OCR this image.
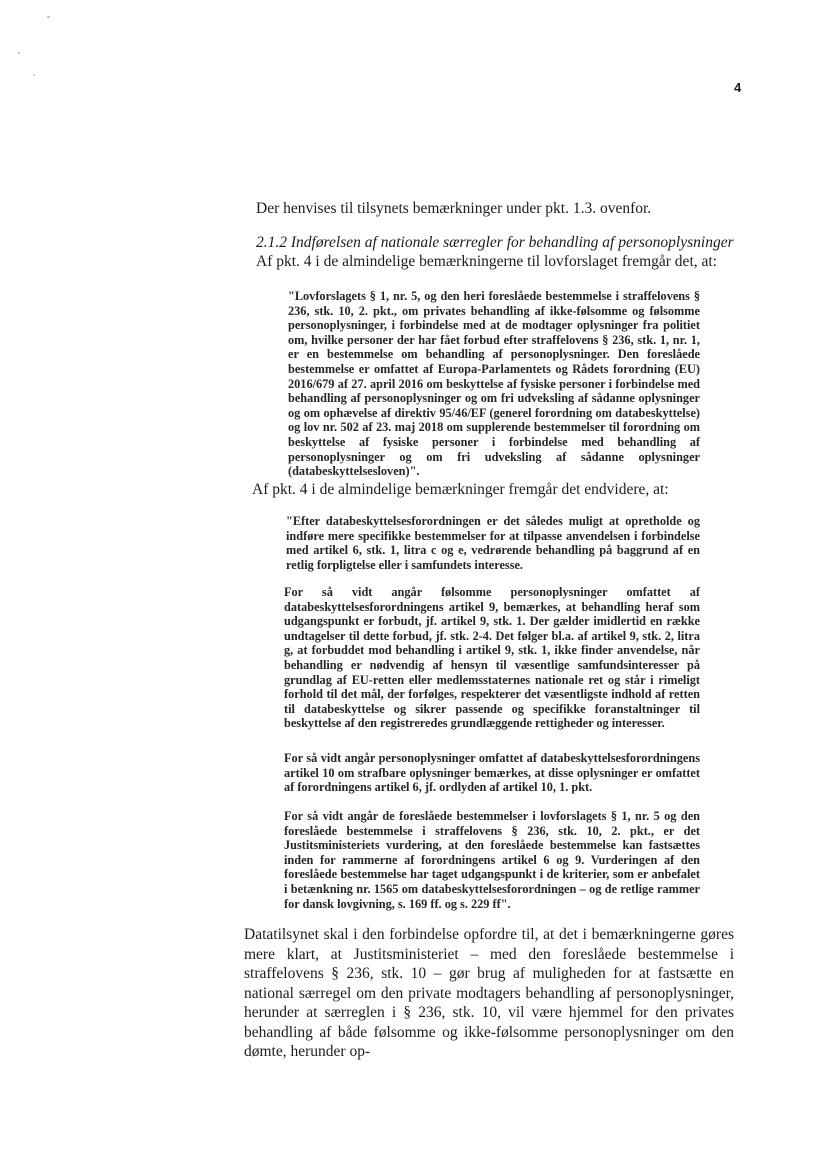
4

Der henvises til tilsynets bemærkninger under pkt. 1.3. ovenfor.

2.1.2 Indførelsen af nationale særregler for behandling af personoplysninger

Af pkt. 4 i de almindelige bemærkningerne til lovforslaget fremgår det, at:

"Lovforslagets § 1, nr. 5, og den heri foreslåede bestemmelse i straffelovens § 236, stk. 10, 2. pkt., om privates behandling af ikke-følsomme og følsomme personoplysninger, i forbindelse med at de modtager oplysninger fra politiet om, hvilke personer der har fået forbud efter straffelovens § 236, stk. 1, nr. 1, er en bestemmelse om behandling af personoplysninger. Den foreslåede bestemmelse er omfattet af Europa-Parlamentets og Rådets forordning (EU) 2016/679 af 27. april 2016 om beskyttelse af fysiske personer i forbindelse med behandling af personoplysninger og om fri udveksling af sådanne oplysninger og om ophævelse af direktiv 95/46/EF (generel forordning om databeskyttelse) og lov nr. 502 af 23. maj 2018 om supplerende bestemmelser til forordning om beskyttelse af fysiske personer i forbindelse med behandling af personoplysninger og om fri udveksling af sådanne oplysninger (databeskyttelsesloven)".

Af pkt. 4 i de almindelige bemærkninger fremgår det endvidere, at:

"Efter databeskyttelsesforordningen er det således muligt at opretholde og indføre mere specifikke bestemmelser for at tilpasse anvendelsen i forbindelse med artikel 6, stk. 1, litra c og e, vedrørende behandling på baggrund af en retlig forpligtelse eller i samfundets interesse.

For så vidt angår følsomme personoplysninger omfattet af databeskyttelsesforordningens artikel 9, bemærkes, at behandling heraf som udgangspunkt er forbudt, jf. artikel 9, stk. 1. Der gælder imidlertid en række undtagelser til dette forbud, jf. stk. 2-4. Det følger bl.a. af artikel 9, stk. 2, litra g, at forbuddet mod behandling i artikel 9, stk. 1, ikke finder anvendelse, når behandling er nødvendig af hensyn til væsentlige samfundsinteresser på grundlag af EU-retten eller medlemsstaternes nationale ret og står i rimeligt forhold til det mål, der forfølges, respekterer det væsentligste indhold af retten til databeskyttelse og sikrer passende og specifikke foranstaltninger til beskyttelse af den registreredes grundlæggende rettigheder og interesser.

For så vidt angår personoplysninger omfattet af databeskyttelsesforordningens artikel 10 om strafbare oplysninger bemærkes, at disse oplysninger er omfattet af forordningens artikel 6, jf. ordlyden af artikel 10, 1. pkt.

For så vidt angår de foreslåede bestemmelser i lovforslagets § 1, nr. 5 og den foreslåede bestemmelse i straffelovens § 236, stk. 10, 2. pkt., er det Justitsministeriets vurdering, at den foreslåede bestemmelse kan fastsættes inden for rammerne af forordningens artikel 6 og 9. Vurderingen af den foreslåede bestemmelse har taget udgangspunkt i de kriterier, som er anbefalet i betænkning nr. 1565 om databeskyttelsesforordningen – og de retlige rammer for dansk lovgivning, s. 169 ff. og s. 229 ff".

Datatilsynet skal i den forbindelse opfordre til, at det i bemærkningerne gøres mere klart, at Justitsministeriet – med den foreslåede bestemmelse i straffelovens § 236, stk. 10 – gør brug af muligheden for at fastsætte en national særregel om den private modtagers behandling af personoplysninger, herunder at særreglen i § 236, stk. 10, vil være hjemmel for den privates behandling af både følsomme og ikke-følsomme personoplysninger om den dømte, herunder op-
